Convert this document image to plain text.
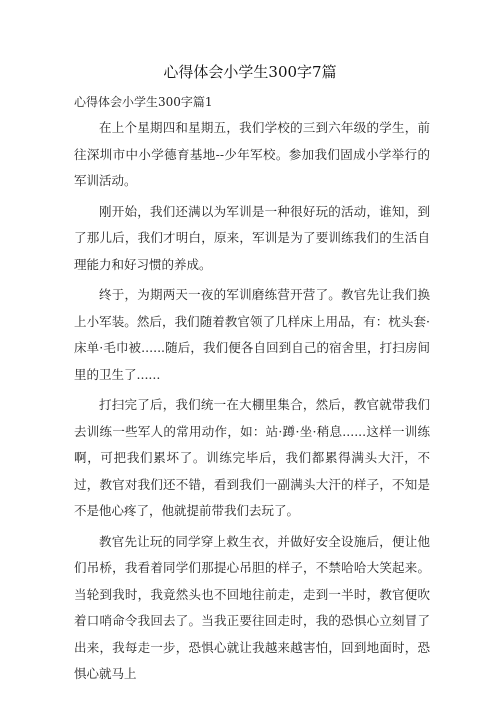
心得体会小学生300字7篇
心得体会小学生300字篇1

在上个星期四和星期五，我们学校的三到六年级的学生，前往深圳市中小学德育基地--少年军校。参加我们固成小学举行的军训活动。

刚开始，我们还满以为军训是一种很好玩的活动，谁知，到了那儿后，我们才明白，原来，军训是为了要训练我们的生活自理能力和好习惯的养成。

终于，为期两天一夜的军训磨练营开营了。教官先让我们换上小军装。然后，我们随着教官领了几样床上用品，有：枕头套·床单·毛巾被......随后，我们便各自回到自己的宿舍里，打扫房间里的卫生了......

打扫完了后，我们统一在大棚里集合，然后，教官就带我们去训练一些军人的常用动作，如：站·蹲·坐·稍息......这样一训练啊，可把我们累坏了。训练完毕后，我们都累得满头大汗，不过，教官对我们还不错，看到我们一副满头大汗的样子，不知是不是他心疼了，他就提前带我们去玩了。

教官先让玩的同学穿上救生衣，并做好安全设施后，便让他们吊桥，我看着同学们那提心吊胆的样子，不禁哈哈大笑起来。当轮到我时，我竟然头也不回地往前走，走到一半时，教官便吹着口哨命令我回去了。当我正要往回走时，我的恐惧心立刻冒了出来，我每走一步，恐惧心就让我越来越害怕，回到地面时，恐惧心就马上
